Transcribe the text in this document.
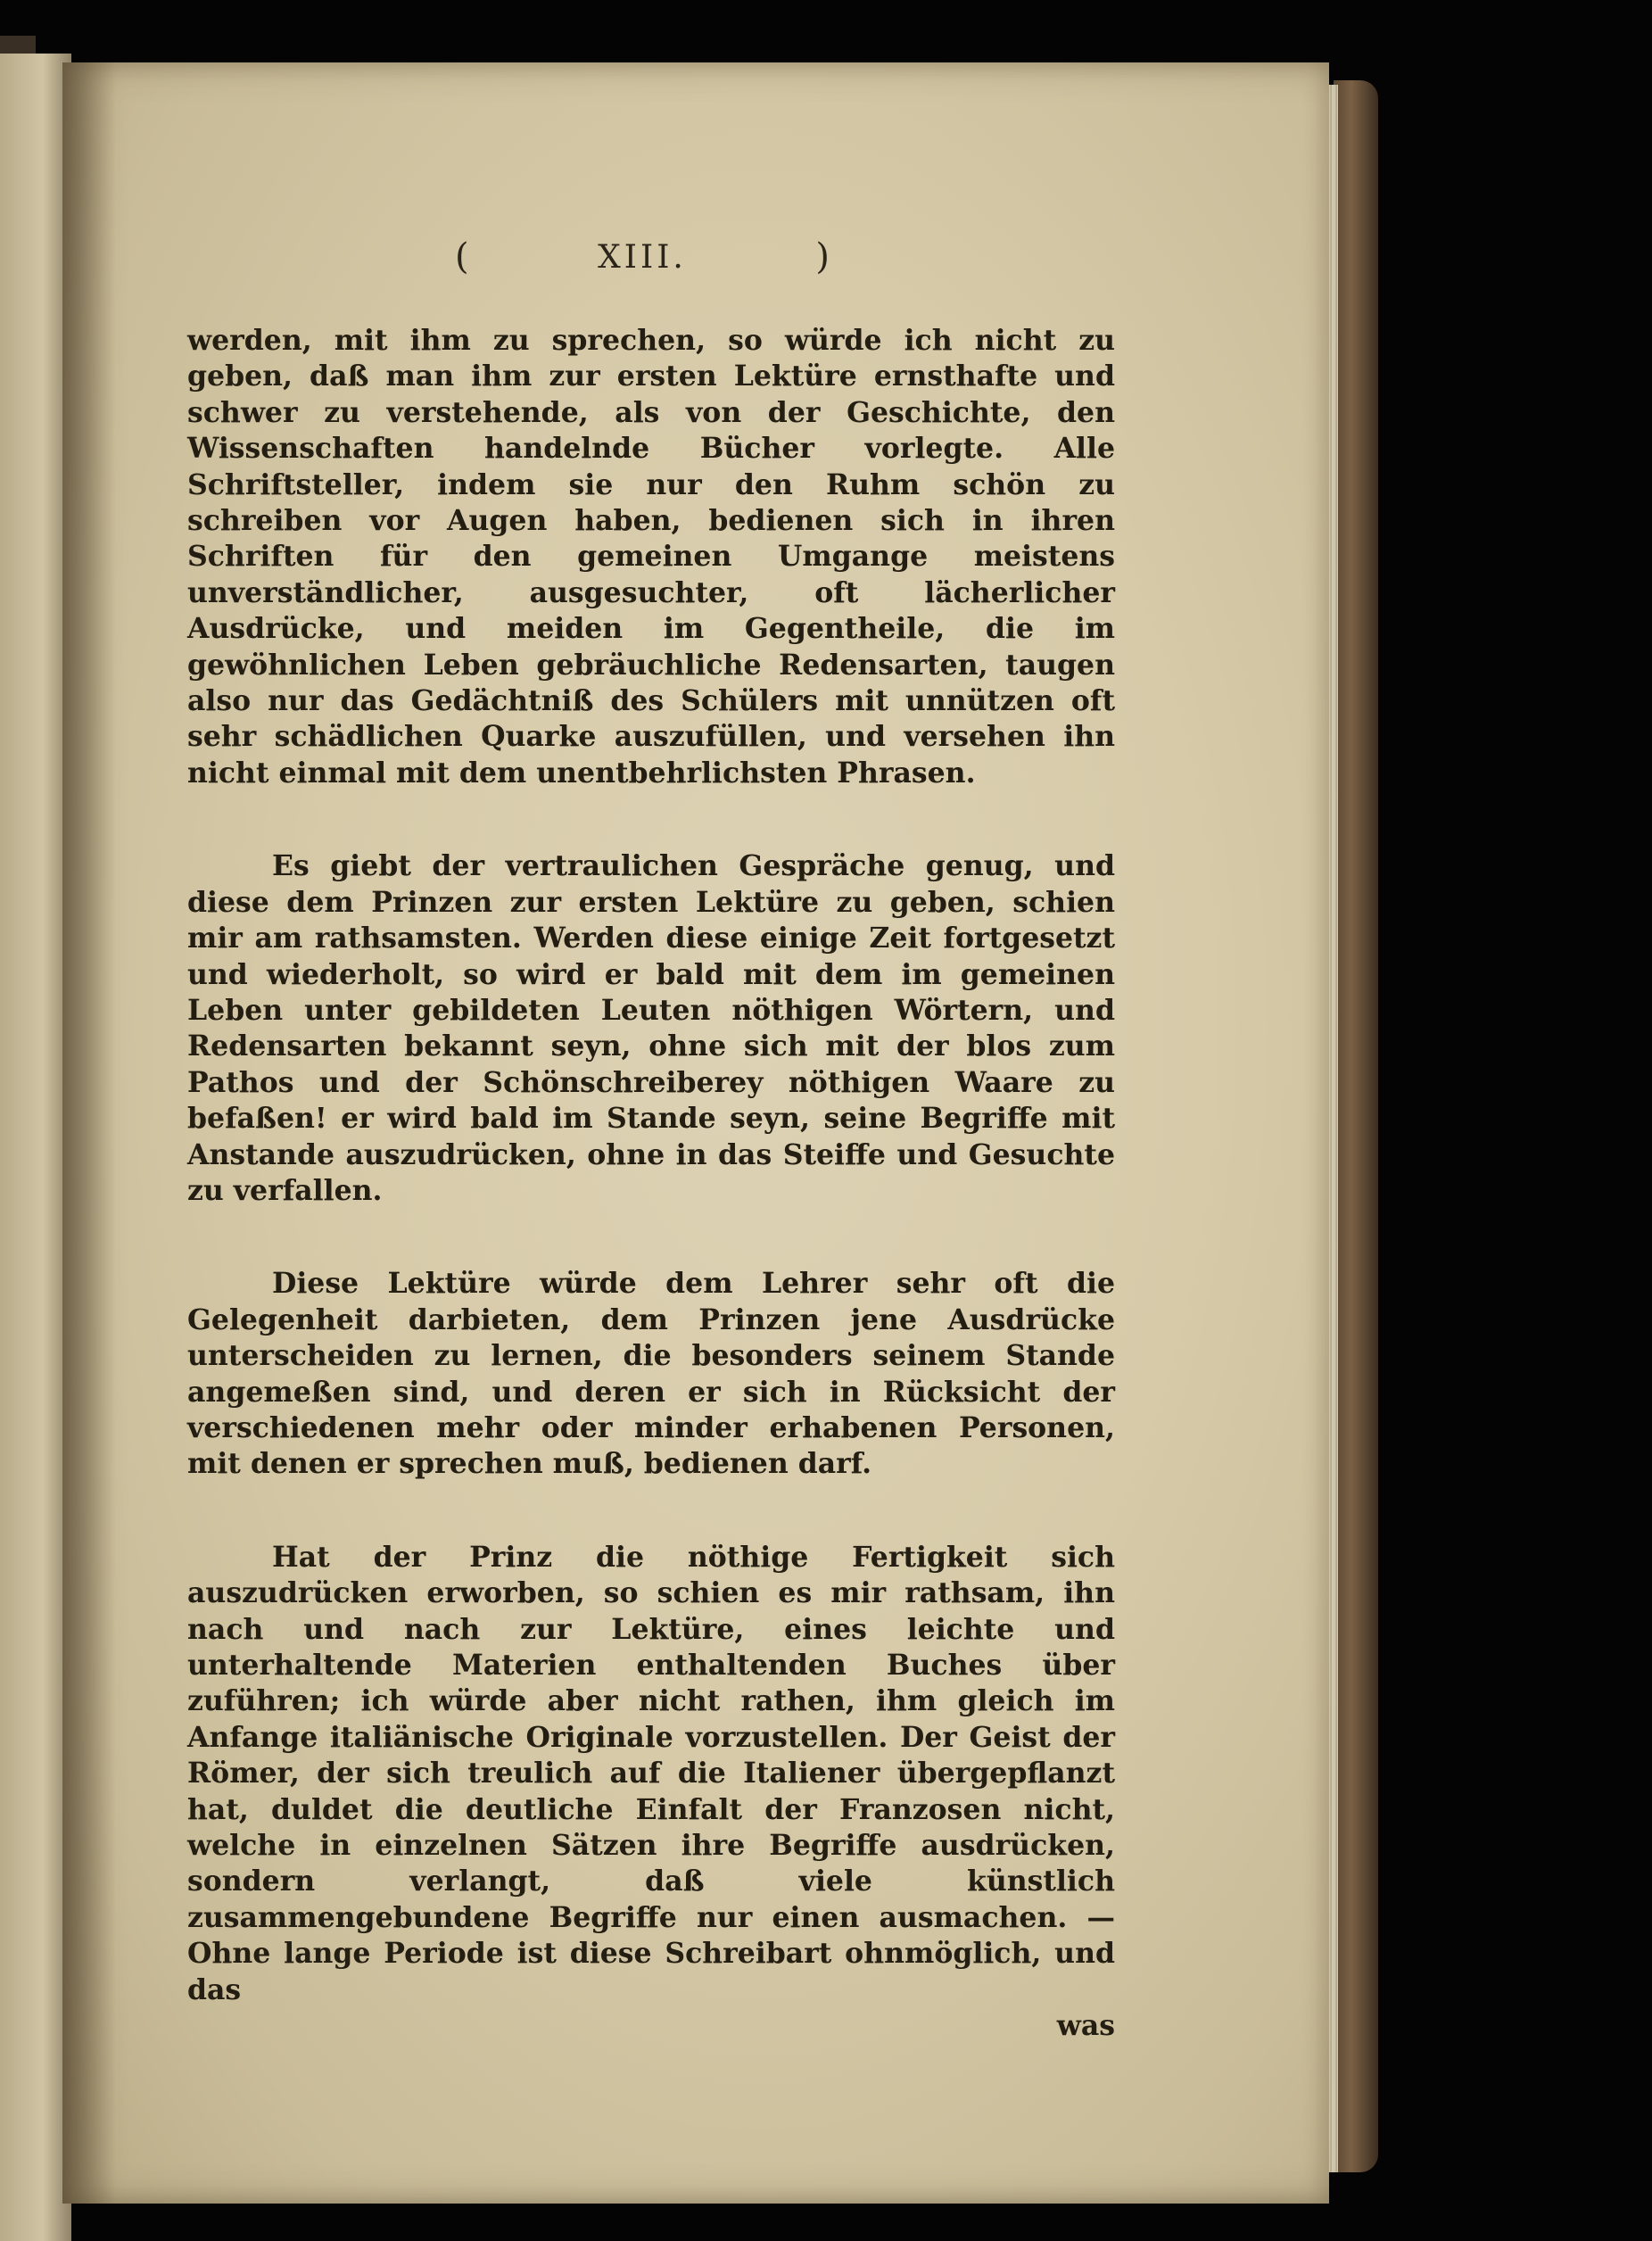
(	XIII.	)

werden, mit ihm zu sprechen, so würde ich nicht zu geben, daß man ihm zur ersten Lektüre ernsthafte und schwer zu verstehende, als von der Geschichte, den Wissenschaften handelnde Bücher vorlegte. Alle Schriftsteller, indem sie nur den Ruhm schön zu schreiben vor Augen haben, bedienen sich in ihren Schriften für den gemeinen Umgange meistens unverständlicher, ausgesuchter, oft lächerlicher Ausdrücke, und meiden im Gegentheile, die im gewöhnlichen Leben gebräuchliche Redensarten, taugen also nur das Gedächtniß des Schülers mit unnützen oft sehr schädlichen Quarke auszufüllen, und versehen ihn nicht einmal mit dem unentbehrlichsten Phrasen.

Es giebt der vertraulichen Gespräche genug, und diese dem Prinzen zur ersten Lektüre zu geben, schien mir am rathsamsten. Werden diese einige Zeit fortgesetzt und wiederholt, so wird er bald mit dem im gemeinen Leben unter gebildeten Leuten nöthigen Wörtern, und Redensarten bekannt seyn, ohne sich mit der blos zum Pathos und der Schönschreiberey nöthigen Waare zu befaßen! er wird bald im Stande seyn, seine Begriffe mit Anstande auszudrücken, ohne in das Steiffe und Gesuchte zu verfallen.

Diese Lektüre würde dem Lehrer sehr oft die Gelegenheit darbieten, dem Prinzen jene Ausdrücke unterscheiden zu lernen, die besonders seinem Stande angemeßen sind, und deren er sich in Rücksicht der verschiedenen mehr oder minder erhabenen Personen, mit denen er sprechen muß, bedienen darf.

Hat der Prinz die nöthige Fertigkeit sich auszudrücken erworben, so schien es mir rathsam, ihn nach und nach zur Lektüre, eines leichte und unterhaltende Materien enthaltenden Buches über zuführen; ich würde aber nicht rathen, ihm gleich im Anfange italiänische Originale vorzustellen. Der Geist der Römer, der sich treulich auf die Italiener übergepflanzt hat, duldet die deutliche Einfalt der Franzosen nicht, welche in einzelnen Sätzen ihre Begriffe ausdrücken, sondern verlangt, daß viele künstlich zusammengebundene Begriffe nur einen ausmachen. — Ohne lange Periode ist diese Schreibart ohnmöglich, und das

was
